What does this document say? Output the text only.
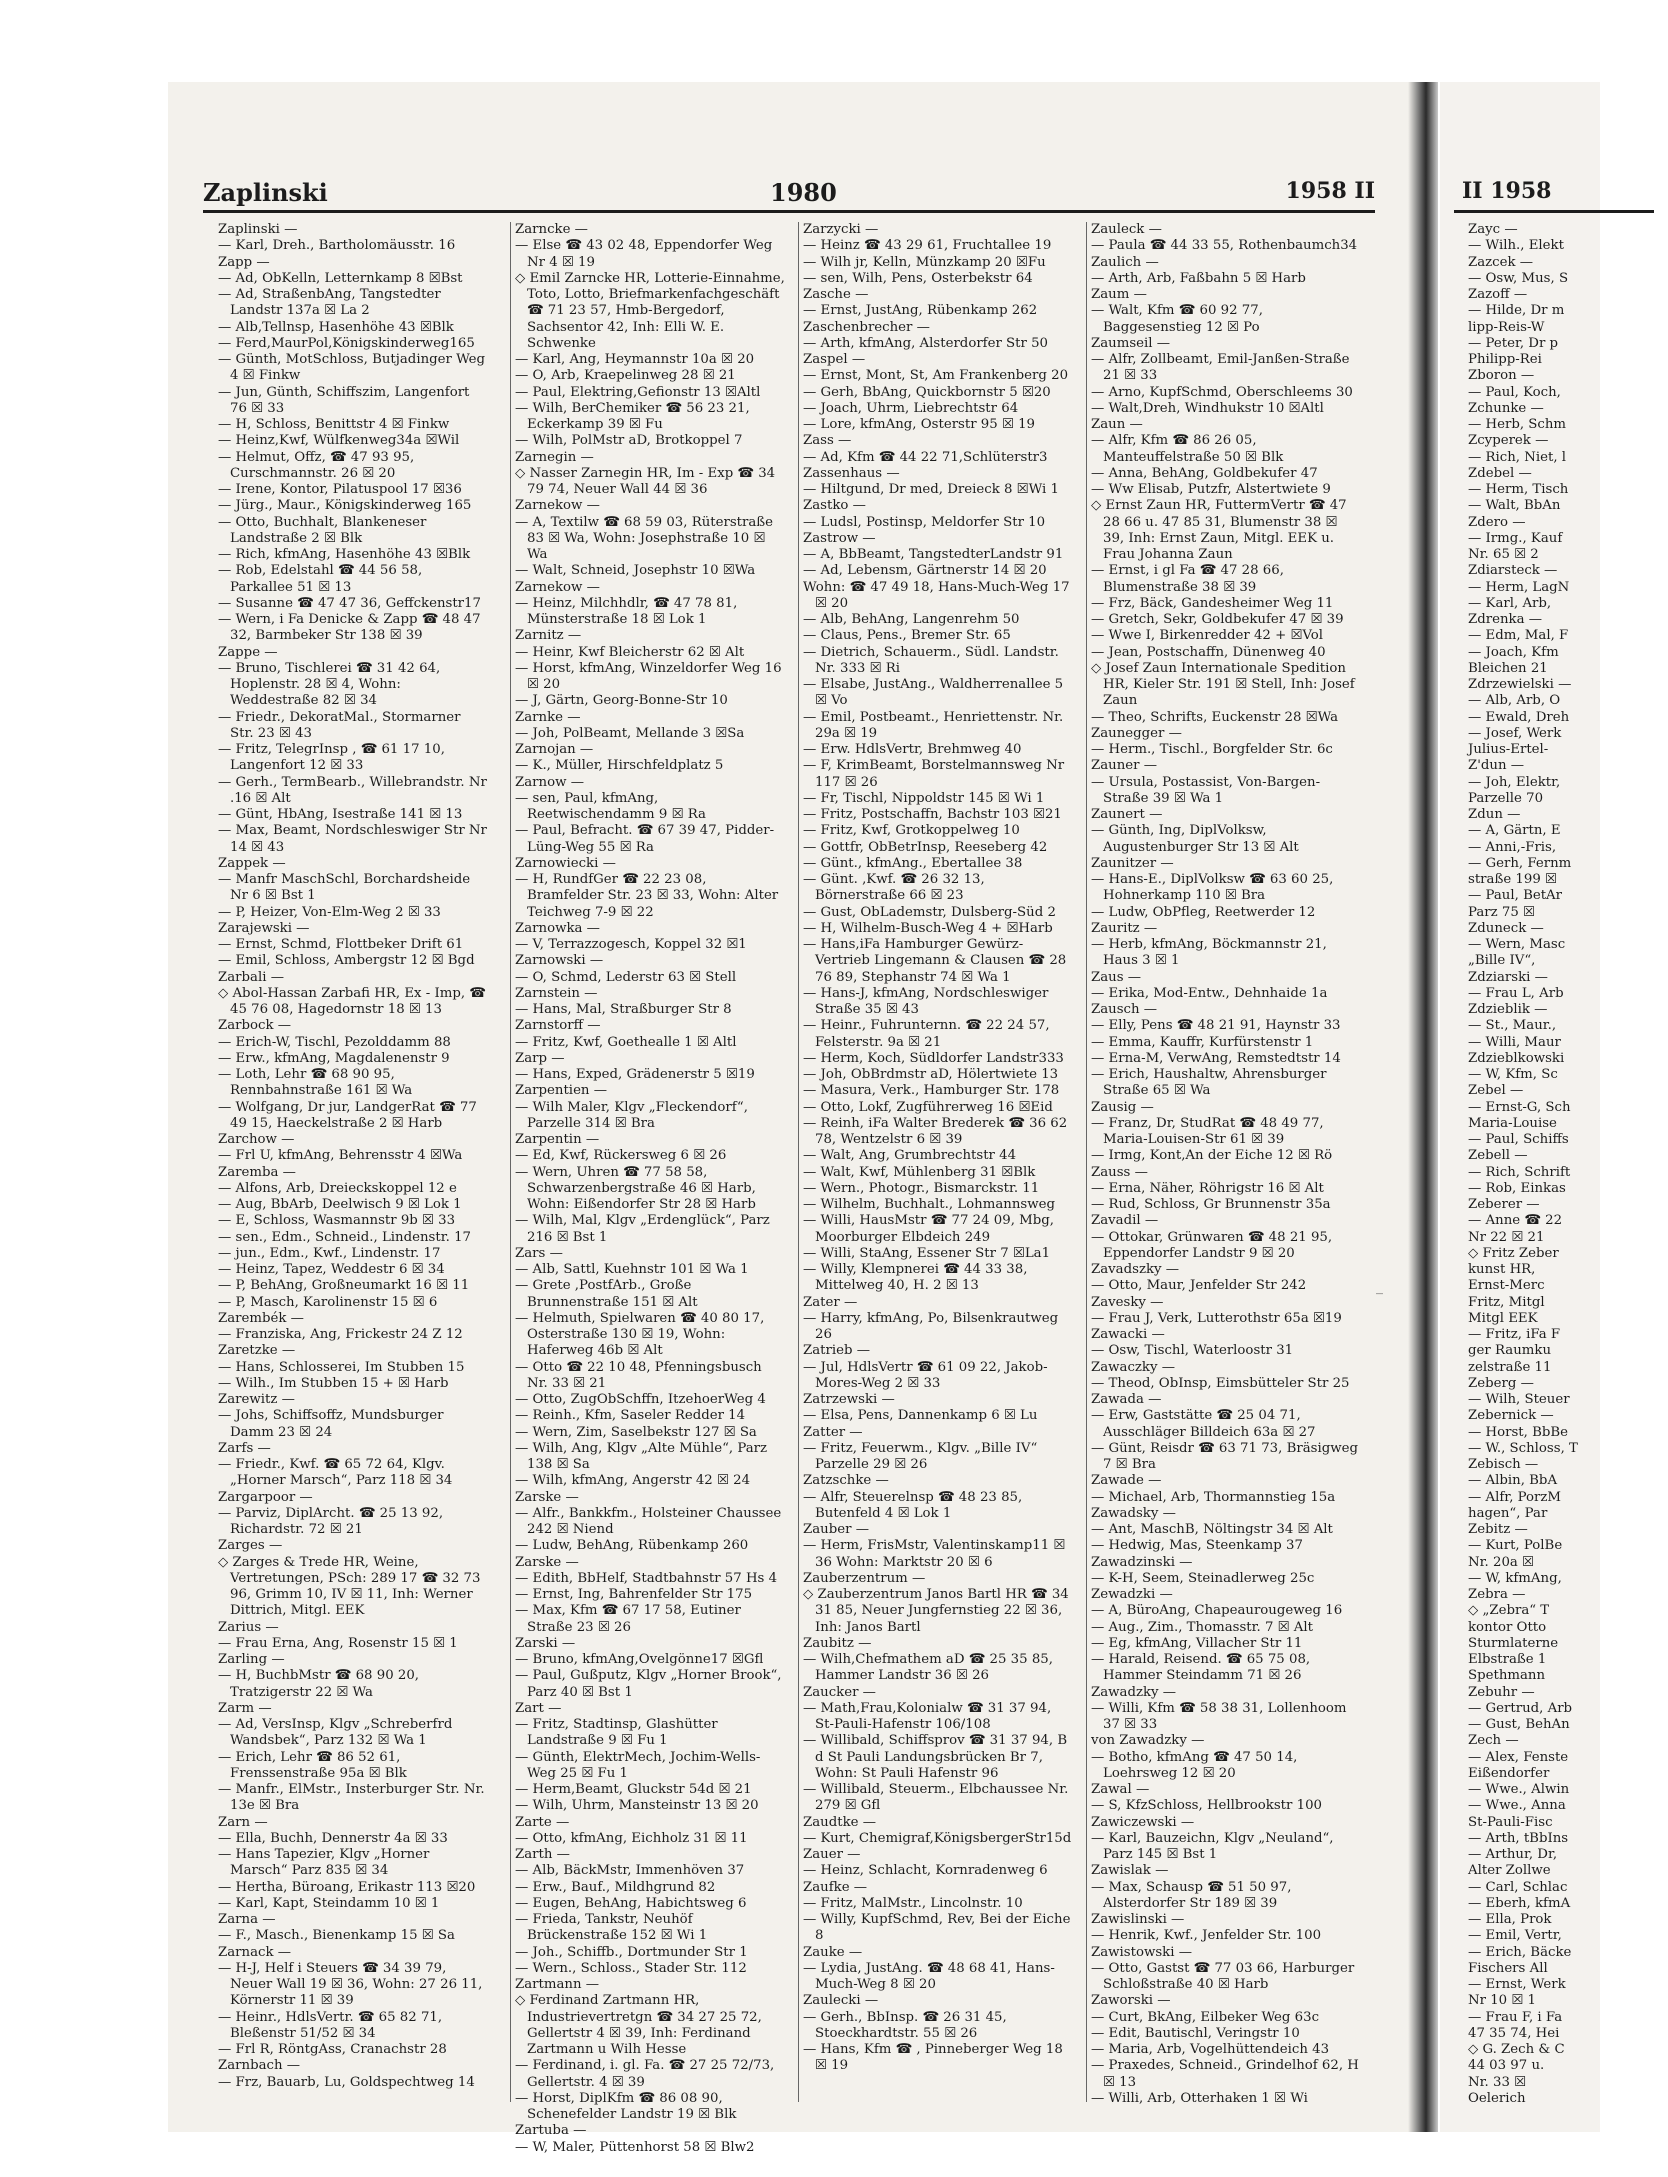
Zaplinski	1980	1958 II

Zaplinski —

— Karl, Dreh., Bartholomäusstr. 16

Zapp —

— Ad, ObKelln, Letternkamp 8 ☒Bst

— Ad, StraßenbAng, Tangstedter Landstr 137a ☒ La 2

— Alb,Tellnsp, Hasenhöhe 43 ☒Blk

— Ferd,MaurPol,Königskinderweg165

— Günth, MotSchloss, Butjadinger Weg 4 ☒ Finkw

— Jun, Günth, Schiffszim, Langenfort 76 ☒ 33

— H, Schloss, Benittstr 4 ☒ Finkw

— Heinz,Kwf, Wülfkenweg34a ☒Wil

— Helmut, Offz, ☎ 47 93 95, Curschmannstr. 26 ☒ 20

— Irene, Kontor, Pilatuspool 17 ☒36

— Jürg., Maur., Königskinderweg 165

— Otto, Buchhalt, Blankeneser Landstraße 2 ☒ Blk

— Rich, kfmAng, Hasenhöhe 43 ☒Blk

— Rob, Edelstahl ☎ 44 56 58, Parkallee 51 ☒ 13

— Susanne ☎ 47 47 36, Geffckenstr17

— Wern, i Fa Denicke & Zapp ☎ 48 47 32, Barmbeker Str 138 ☒ 39

Zappe —

— Bruno, Tischlerei ☎ 31 42 64, Hoplenstr. 28 ☒ 4, Wohn: Weddestraße 82 ☒ 34

— Friedr., DekoratMal., Stormarner Str. 23 ☒ 43

— Fritz, TelegrInsp , ☎ 61 17 10, Langenfort 12 ☒ 33

— Gerh., TermBearb., Willebrandstr. Nr .16 ☒ Alt

— Günt, HbAng, Isestraße 141 ☒ 13

— Max, Beamt, Nordschleswiger Str Nr 14 ☒ 43

Zappek —

— Manfr MaschSchl, Borchardsheide Nr 6 ☒ Bst 1

— P, Heizer, Von-Elm-Weg 2 ☒ 33

Zarajewski —

— Ernst, Schmd, Flottbeker Drift 61

— Emil, Schloss, Ambergstr 12 ☒ Bgd

Zarbali —

◇ Abol-Hassan Zarbafi HR, Ex - Imp, ☎ 45 76 08, Hagedornstr 18 ☒ 13

Zarbock —

— Erich-W, Tischl, Pezolddamm 88

— Erw., kfmAng, Magdalenenstr 9

— Loth, Lehr ☎ 68 90 95, Rennbahnstraße 161 ☒ Wa

— Wolfgang, Dr jur, LandgerRat ☎ 77 49 15, Haeckelstraße 2 ☒ Harb

Zarchow —

— Frl U, kfmAng, Behrensstr 4 ☒Wa

Zaremba —

— Alfons, Arb, Dreieckskoppel 12 e

— Aug, BbArb, Deelwisch 9 ☒ Lok 1

— E, Schloss, Wasmannstr 9b ☒ 33

— sen., Edm., Schneid., Lindenstr. 17

— jun., Edm., Kwf., Lindenstr. 17

— Heinz, Tapez, Weddestr 6 ☒ 34

— P, BehAng, Großneumarkt 16 ☒ 11

— P, Masch, Karolinenstr 15 ☒ 6

Zarembék —

— Franziska, Ang, Frickestr 24 Z 12

Zaretzke —

— Hans, Schlosserei, Im Stubben 15

— Wilh., Im Stubben 15 + ☒ Harb

Zarewitz —

— Johs, Schiffsoffz, Mundsburger Damm 23 ☒ 24

Zarfs —

— Friedr., Kwf. ☎ 65 72 64, Klgv. „Horner Marsch“, Parz 118 ☒ 34

Zargarpoor —

— Parviz, DiplArcht. ☎ 25 13 92, Richardstr. 72 ☒ 21

Zarges —

◇ Zarges & Trede HR, Weine, Vertretungen, PSch: 289 17 ☎ 32 73 96, Grimm 10, IV ☒ 11, Inh: Werner Dittrich, Mitgl. EEK

Zarius —

— Frau Erna, Ang, Rosenstr 15 ☒ 1

Zarling —

— H, BuchbMstr ☎ 68 90 20, Tratzigerstr 22 ☒ Wa

Zarm —

— Ad, VersInsp, Klgv „Schreberfrd Wandsbek“, Parz 132 ☒ Wa 1

— Erich, Lehr ☎ 86 52 61, Frenssenstraße 95a ☒ Blk

— Manfr., ElMstr., Insterburger Str. Nr. 13e ☒ Bra

Zarn —

— Ella, Buchh, Dennerstr 4a ☒ 33

— Hans Tapezier, Klgv „Horner Marsch“ Parz 835 ☒ 34

— Hertha, Büroang, Erikastr 113 ☒20

— Karl, Kapt, Steindamm 10 ☒ 1

Zarna —

— F., Masch., Bienenkamp 15 ☒ Sa

Zarnack —

— H-J, Helf i Steuers ☎ 34 39 79, Neuer Wall 19 ☒ 36, Wohn: 27 26 11, Körnerstr 11 ☒ 39

— Heinr., HdlsVertr. ☎ 65 82 71, Bleßenstr 51/52 ☒ 34

— Frl R, RöntgAss, Cranachstr 28

Zarnbach —

— Frz, Bauarb, Lu, Goldspechtweg 14

Zarncke —

— Else ☎ 43 02 48, Eppendorfer Weg Nr 4 ☒ 19

◇ Emil Zarncke HR, Lotterie-Einnahme, Toto, Lotto, Briefmarkenfachgeschäft ☎ 71 23 57, Hmb-Bergedorf, Sachsentor 42, Inh: Elli W. E. Schwenke

— Karl, Ang, Heymannstr 10a ☒ 20

— O, Arb, Kraepelinweg 28 ☒ 21

— Paul, Elektring,Gefionstr 13 ☒Altl

— Wilh, BerChemiker ☎ 56 23 21, Eckerkamp 39 ☒ Fu

— Wilh, PolMstr aD, Brotkoppel 7

Zarnegin —

◇ Nasser Zarnegin HR, Im - Exp ☎ 34 79 74, Neuer Wall 44 ☒ 36

Zarnekow —

— A, Textilw ☎ 68 59 03, Rüterstraße 83 ☒ Wa, Wohn: Josephstraße 10 ☒ Wa

— Walt, Schneid, Josephstr 10 ☒Wa

Zarnekow —

— Heinz, Milchhdlr, ☎ 47 78 81, Münsterstraße 18 ☒ Lok 1

Zarnitz —

— Heinr, Kwf Bleicherstr 62 ☒ Alt

— Horst, kfmAng, Winzeldorfer Weg 16 ☒ 20

— J, Gärtn, Georg-Bonne-Str 10

Zarnke —

— Joh, PolBeamt, Mellande 3 ☒Sa

Zarnojan —

— K., Müller, Hirschfeldplatz 5

Zarnow —

— sen, Paul, kfmAng, Reetwischendamm 9 ☒ Ra

— Paul, Befracht. ☎ 67 39 47, Pidder-Lüng-Weg 55 ☒ Ra

Zarnowiecki —

— H, RundfGer ☎ 22 23 08, Bramfelder Str. 23 ☒ 33, Wohn: Alter Teichweg 7-9 ☒ 22

Zarnowka —

— V, Terrazzogesch, Koppel 32 ☒1

Zarnowski —

— O, Schmd, Lederstr 63 ☒ Stell

Zarnstein —

— Hans, Mal, Straßburger Str 8

Zarnstorff —

— Fritz, Kwf, Goethealle 1 ☒ Altl

Zarp —

— Hans, Exped, Grädenerstr 5 ☒19

Zarpentien —

— Wilh Maler, Klgv „Fleckendorf“, Parzelle 314 ☒ Bra

Zarpentin —

— Ed, Kwf, Rückersweg 6 ☒ 26

— Wern, Uhren ☎ 77 58 58, Schwarzenbergstraße 46 ☒ Harb, Wohn: Eißendorfer Str 28 ☒ Harb

— Wilh, Mal, Klgv „Erdenglück“, Parz 216 ☒ Bst 1

Zars —

— Alb, Sattl, Kuehnstr 101 ☒ Wa 1

— Grete ,PostfArb., Große Brunnenstraße 151 ☒ Alt

— Helmuth, Spielwaren ☎ 40 80 17, Osterstraße 130 ☒ 19, Wohn: Haferweg 46b ☒ Alt

— Otto ☎ 22 10 48, Pfenningsbusch Nr. 33 ☒ 21

— Otto, ZugObSchffn, ItzehoerWeg 4

— Reinh., Kfm, Saseler Redder 14

— Wern, Zim, Saselbekstr 127 ☒ Sa

— Wilh, Ang, Klgv „Alte Mühle“, Parz 138 ☒ Sa

— Wilh, kfmAng, Angerstr 42 ☒ 24

Zarske —

— Alfr., Bankkfm., Holsteiner Chaussee 242 ☒ Niend

— Ludw, BehAng, Rübenkamp 260

Zarske —

— Edith, BbHelf, Stadtbahnstr 57 Hs 4

— Ernst, Ing, Bahrenfelder Str 175

— Max, Kfm ☎ 67 17 58, Eutiner Straße 23 ☒ 26

Zarski —

— Bruno, kfmAng,Ovelgönne17 ☒Gfl

— Paul, Gußputz, Klgv „Horner Brook“, Parz 40 ☒ Bst 1

Zart —

— Fritz, Stadtinsp, Glashütter Landstraße 9 ☒ Fu 1

— Günth, ElektrMech, Jochim-Wells-Weg 25 ☒ Fu 1

— Herm,Beamt, Gluckstr 54d ☒ 21

— Wilh, Uhrm, Mansteinstr 13 ☒ 20

Zarte —

— Otto, kfmAng, Eichholz 31 ☒ 11

Zarth —

— Alb, BäckMstr, Immenhöven 37

— Erw., Bauf., Mildhgrund 82

— Eugen, BehAng, Habichtsweg 6

— Frieda, Tankstr, Neuhöf Brückenstraße 152 ☒ Wi 1

— Joh., Schiffb., Dortmunder Str 1

— Wern., Schloss., Stader Str. 112

Zartmann —

◇ Ferdinand Zartmann HR, Industrievertretgn ☎ 34 27 25 72, Gellertstr 4 ☒ 39, Inh: Ferdinand Zartmann u Wilh Hesse

— Ferdinand, i. gl. Fa. ☎ 27 25 72/73, Gellertstr. 4 ☒ 39

— Horst, DiplKfm ☎ 86 08 90, Schenefelder Landstr 19 ☒ Blk

Zartuba —

— W, Maler, Püttenhorst 58 ☒ Blw2

Zarzycki —

— Heinz ☎ 43 29 61, Fruchtallee 19

— Wilh jr, Kelln, Münzkamp 20 ☒Fu

— sen, Wilh, Pens, Osterbekstr 64

Zasche —

— Ernst, JustAng, Rübenkamp 262

Zaschenbrecher —

— Arth, kfmAng, Alsterdorfer Str 50

Zaspel —

— Ernst, Mont, St, Am Frankenberg 20

— Gerh, BbAng, Quickbornstr 5 ☒20

— Joach, Uhrm, Liebrechtstr 64

— Lore, kfmAng, Osterstr 95 ☒ 19

Zass —

— Ad, Kfm ☎ 44 22 71,Schlüterstr3

Zassenhaus —

— Hiltgund, Dr med, Dreieck 8 ☒Wi 1

Zastko —

— Ludsl, Postinsp, Meldorfer Str 10

Zastrow —

— A, BbBeamt, TangstedterLandstr 91

— Ad, Lebensm, Gärtnerstr 14 ☒ 20

Wohn: ☎ 47 49 18, Hans-Much-Weg 17 ☒ 20

— Alb, BehAng, Langenrehm 50

— Claus, Pens., Bremer Str. 65

— Dietrich, Schauerm., Südl. Landstr. Nr. 333 ☒ Ri

— Elsabe, JustAng., Waldherrenallee 5 ☒ Vo

— Emil, Postbeamt., Henriettenstr. Nr. 29a ☒ 19

— Erw. HdlsVertr, Brehmweg 40

— F, KrimBeamt, Borstelmannsweg Nr 117 ☒ 26

— Fr, Tischl, Nippoldstr 145 ☒ Wi 1

— Fritz, Postschaffn, Bachstr 103 ☒21

— Fritz, Kwf, Grotkoppelweg 10

— Gottfr, ObBetrInsp, Reeseberg 42

— Günt., kfmAng., Ebertallee 38

— Günt. ,Kwf. ☎ 26 32 13, Börnerstraße 66 ☒ 23

— Gust, ObLademstr, Dulsberg-Süd 2

— H, Wilhelm-Busch-Weg 4 + ☒Harb

— Hans,iFa Hamburger Gewürz-Vertrieb Lingemann & Clausen ☎ 28 76 89, Stephanstr 74 ☒ Wa 1

— Hans-J, kfmAng, Nordschleswiger Straße 35 ☒ 43

— Heinr., Fuhrunternn. ☎ 22 24 57, Felsterstr. 9a ☒ 21

— Herm, Koch, Südldorfer Landstr333

— Joh, ObBrdmstr aD, Hölertwiete 13

— Masura, Verk., Hamburger Str. 178

— Otto, Lokf, Zugführerweg 16 ☒Eid

— Reinh, iFa Walter Brederek ☎ 36 62 78, Wentzelstr 6 ☒ 39

— Walt, Ang, Grumbrechtstr 44

— Walt, Kwf, Mühlenberg 31 ☒Blk

— Wern., Photogr., Bismarckstr. 11

— Wilhelm, Buchhalt., Lohmannsweg

— Willi, HausMstr ☎ 77 24 09, Mbg, Moorburger Elbdeich 249

— Willi, StaAng, Essener Str 7 ☒La1

— Willy, Klempnerei ☎ 44 33 38, Mittelweg 40, H. 2 ☒ 13

Zater —

— Harry, kfmAng, Po, Bilsenkrautweg 26

Zatrieb —

— Jul, HdlsVertr ☎ 61 09 22, Jakob-Mores-Weg 2 ☒ 33

Zatrzewski —

— Elsa, Pens, Dannenkamp 6 ☒ Lu

Zatter —

— Fritz, Feuerwm., Klgv. „Bille IV“ Parzelle 29 ☒ 26

Zatzschke —

— Alfr, Steuerelnsp ☎ 48 23 85, Butenfeld 4 ☒ Lok 1

Zauber —

— Herm, FrisMstr, Valentinskamp11 ☒ 36 Wohn: Marktstr 20 ☒ 6

Zauberzentrum —

◇ Zauberzentrum Janos Bartl HR ☎ 34 31 85, Neuer Jungfernstieg 22 ☒ 36, Inh: Janos Bartl

Zaubitz —

— Wilh,Chefmathem aD ☎ 25 35 85, Hammer Landstr 36 ☒ 26

Zaucker —

— Math,Frau,Kolonialw ☎ 31 37 94, St-Pauli-Hafenstr 106/108

— Willibald, Schiffsprov ☎ 31 37 94, B d St Pauli Landungsbrücken Br 7, Wohn: St Pauli Hafenstr 96

— Willibald, Steuerm., Elbchaussee Nr. 279 ☒ Gfl

Zaudtke —

— Kurt, Chemigraf,KönigsbergerStr15d

Zauer —

— Heinz, Schlacht, Kornradenweg 6

Zaufke —

— Fritz, MalMstr., Lincolnstr. 10

— Willy, KupfSchmd, Rev, Bei der Eiche 8

Zauke —

— Lydia, JustAng. ☎ 48 68 41, Hans-Much-Weg 8 ☒ 20

Zaulecki —

— Gerh., BbInsp. ☎ 26 31 45, Stoeckhardtstr. 55 ☒ 26

— Hans, Kfm ☎ , Pinneberger Weg 18 ☒ 19

Zauleck —

— Paula ☎ 44 33 55, Rothenbaumch34

Zaulich —

— Arth, Arb, Faßbahn 5 ☒ Harb

Zaum —

— Walt, Kfm ☎ 60 92 77, Baggesenstieg 12 ☒ Po

Zaumseil —

— Alfr, Zollbeamt, Emil-Janßen-Straße 21 ☒ 33

— Arno, KupfSchmd, Oberschleems 30

— Walt,Dreh, Windhukstr 10 ☒Altl

Zaun —

— Alfr, Kfm ☎ 86 26 05, Manteuffelstraße 50 ☒ Blk

— Anna, BehAng, Goldbekufer 47

— Ww Elisab, Putzfr, Alstertwiete 9

◇ Ernst Zaun HR, FuttermVertr ☎ 47 28 66 u. 47 85 31, Blumenstr 38 ☒ 39, Inh: Ernst Zaun, Mitgl. EEK u. Frau Johanna Zaun

— Ernst, i gl Fa ☎ 47 28 66, Blumenstraße 38 ☒ 39

— Frz, Bäck, Gandesheimer Weg 11

— Gretch, Sekr, Goldbekufer 47 ☒ 39

— Wwe I, Birkenredder 42 + ☒Vol

— Jean, Postschaffn, Dünenweg 40

◇ Josef Zaun Internationale Spedition HR, Kieler Str. 191 ☒ Stell, Inh: Josef Zaun

— Theo, Schrifts, Euckenstr 28 ☒Wa

Zaunegger —

— Herm., Tischl., Borgfelder Str. 6c

Zauner —

— Ursula, Postassist, Von-Bargen-Straße 39 ☒ Wa 1

Zaunert —

— Günth, Ing, DiplVolksw, Augustenburger Str 13 ☒ Alt

Zaunitzer —

— Hans-E., DiplVolksw ☎ 63 60 25, Hohnerkamp 110 ☒ Bra

— Ludw, ObPfleg, Reetwerder 12

Zauritz —

— Herb, kfmAng, Böckmannstr 21, Haus 3 ☒ 1

Zaus —

— Erika, Mod-Entw., Dehnhaide 1a

Zausch —

— Elly, Pens ☎ 48 21 91, Haynstr 33

— Emma, Kauffr, Kurfürstenstr 1

— Erna-M, VerwAng, Remstedtstr 14

— Erich, Haushaltw, Ahrensburger Straße 65 ☒ Wa

Zausig —

— Franz, Dr, StudRat ☎ 48 49 77, Maria-Louisen-Str 61 ☒ 39

— Irmg, Kont,An der Eiche 12 ☒ Rö

Zauss —

— Erna, Näher, Röhrigstr 16 ☒ Alt

— Rud, Schloss, Gr Brunnenstr 35a

Zavadil —

— Ottokar, Grünwaren ☎ 48 21 95, Eppendorfer Landstr 9 ☒ 20

Zavadszky —

— Otto, Maur, Jenfelder Str 242

Zavesky —

— Frau J, Verk, Lutterothstr 65a ☒19

Zawacki —

— Osw, Tischl, Waterloostr 31

Zawaczky —

— Theod, ObInsp, Eimsbütteler Str 25

Zawada —

— Erw, Gaststätte ☎ 25 04 71, Ausschläger Billdeich 63a ☒ 27

— Günt, Reisdr ☎ 63 71 73, Bräsigweg 7 ☒ Bra

Zawade —

— Michael, Arb, Thormannstieg 15a

Zawadsky —

— Ant, MaschB, Nöltingstr 34 ☒ Alt

— Hedwig, Mas, Steenkamp 37

Zawadzinski —

— K-H, Seem, Steinadlerweg 25c

Zewadzki —

— A, BüroAng, Chapeaurougeweg 16

— Aug., Zim., Thomasstr. 7 ☒ Alt

— Eg, kfmAng, Villacher Str 11

— Harald, Reisend. ☎ 65 75 08, Hammer Steindamm 71 ☒ 26

Zawadzky —

— Willi, Kfm ☎ 58 38 31, Lollenhoom 37 ☒ 33

von Zawadzky —

— Botho, kfmAng ☎ 47 50 14, Loehrsweg 12 ☒ 20

Zawal —

— S, KfzSchloss, Hellbrookstr 100

Zawiczewski —

— Karl, Bauzeichn, Klgv „Neuland“, Parz 145 ☒ Bst 1

Zawislak —

— Max, Schausp ☎ 51 50 97, Alsterdorfer Str 189 ☒ 39

Zawislinski —

— Henrik, Kwf., Jenfelder Str. 100

Zawistowski —

— Otto, Gastst ☎ 77 03 66, Harburger Schloßstraße 40 ☒ Harb

Zaworski —

— Curt, BkAng, Eilbeker Weg 63c

— Edit, Bautischl, Veringstr 10

— Maria, Arb, Vogelhüttendeich 43

— Praxedes, Schneid., Grindelhof 62, H ☒ 13

— Willi, Arb, Otterhaken 1 ☒ Wi

‾
II 1958
Zayc —
— Wilh., Elekt
Zazcek —
— Osw, Mus, S
Zazoff —
— Hilde, Dr m
lipp-Reis-W
— Peter, Dr p
Philipp-Rei
Zboron —
— Paul, Koch,
Zchunke —
— Herb, Schm
Zcyperek —
— Rich, Niet, l
Zdebel —
— Herm, Tisch
— Walt, BbAn
Zdero —
— Irmg., Kauf
Nr. 65 ☒ 2
Zdiarsteck —
— Herm, LagN
— Karl, Arb,
Zdrenka —
— Edm, Mal, F
— Joach, Kfm
Bleichen 21
Zdrzewielski —
— Alb, Arb, O
— Ewald, Dreh
— Josef, Werk
Julius-Ertel-
Z'dun —
— Joh, Elektr,
Parzelle 70
Zdun —
— A, Gärtn, E
— Anni,-Fris,
— Gerh, Fernm
straße 199 ☒
— Paul, BetAr
Parz 75 ☒
Zduneck —
— Wern, Masc
„Bille IV“,
Zdziarski —
— Frau L, Arb
Zdzieblik —
— St., Maur.,
— Willi, Maur
Zdzieblkowski
— W, Kfm, Sc
Zebel —
— Ernst-G, Sch
Maria-Louise
— Paul, Schiffs
Zebell —
— Rich, Schrift
— Rob, Einkas
Zeberer —
— Anne ☎ 22
Nr 22 ☒ 21
◇ Fritz Zeber
kunst HR,
Ernst-Merc
Fritz, Mitgl
Mitgl EEK
— Fritz, iFa F
ger Raumku
zelstraße 11
Zeberg —
— Wilh, Steuer
Zebernick —
— Horst, BbBe
— W., Schloss, T
Zebisch —
— Albin, BbA
— Alfr, PorzM
hagen“, Par
Zebitz —
— Kurt, PolBe
Nr. 20a ☒
— W, kfmAng,
Zebra —
◇ „Zebra“ T
kontor Otto
Sturmlaterne
Elbstraße 1
Spethmann
Zebuhr —
— Gertrud, Arb
— Gust, BehAn
Zech —
— Alex, Fenste
Eißendorfer
— Wwe., Alwin
— Wwe., Anna
St-Pauli-Fisc
— Arth, tBbIns
— Arthur, Dr,
Alter Zollwe
— Carl, Schlac
— Eberh, kfmA
— Ella, Prok
— Emil, Vertr,
— Erich, Bäcke
Fischers All
— Ernst, Werk
Nr 10 ☒ 1
— Frau F, i Fa
47 35 74, Hei
◇ G. Zech & C
44 03 97 u.
Nr. 33 ☒
Oelerich
